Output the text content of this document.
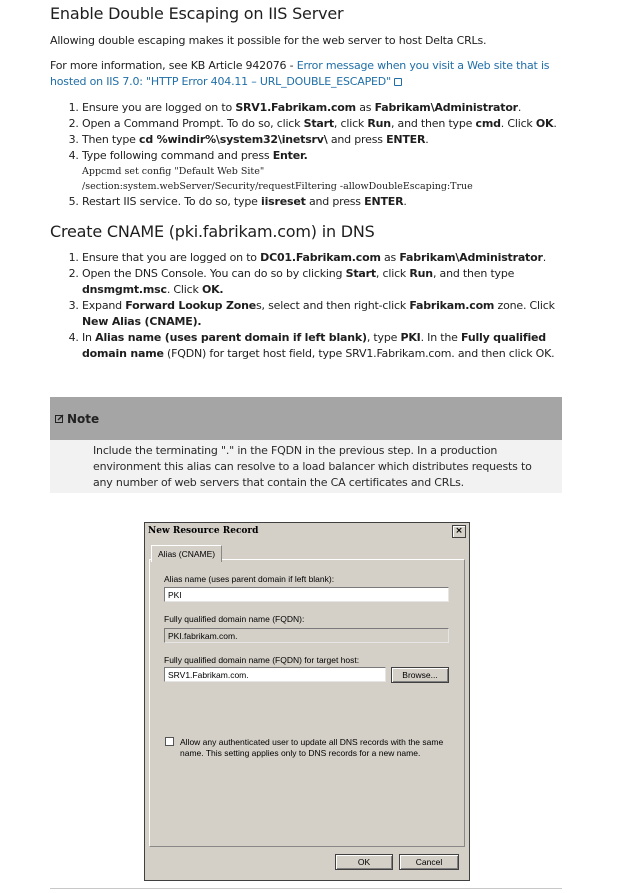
Enable Double Escaping on IIS Server

Allowing double escaping makes it possible for the web server to host Delta CRLs.

For more information, see KB Article 942076 - Error message when you visit a Web site that is hosted on IIS 7.0: "HTTP Error 404.11 – URL_DOUBLE_ESCAPED"

1. Ensure you are logged on to SRV1.Fabrikam.com as Fabrikam\Administrator.
2. Open a Command Prompt. To do so, click Start, click Run, and then type cmd. Click OK.
3. Then type cd %windir%\system32\inetsrv\ and press ENTER.
4. Type following command and press Enter.
Appcmd set config "Default Web Site"
/section:system.webServer/Security/requestFiltering -allowDoubleEscaping:True
5. Restart IIS service. To do so, type iisreset and press ENTER.
Create CNAME (pki.fabrikam.com) in DNS
1. Ensure that you are logged on to DC01.Fabrikam.com as Fabrikam\Administrator.
2. Open the DNS Console. You can do so by clicking Start, click Run, and then type dnsmgmt.msc. Click OK.
3. Expand Forward Lookup Zones, select and then right-click Fabrikam.com zone. Click New Alias (CNAME).
4. In Alias name (uses parent domain if left blank), type PKI. In the Fully qualified domain name (FQDN) for target host field, type SRV1.Fabrikam.com. and then click OK.
Note
Include the terminating "." in the FQDN in the previous step. In a production environment this alias can resolve to a load balancer which distributes requests to any number of web servers that contain the CA certificates and CRLs.
New Resource Record	×
Alias (CNAME)
Alias name (uses parent domain if left blank):
PKI
Fully qualified domain name (FQDN):
PKI.fabrikam.com.
Fully qualified domain name (FQDN) for target host:
SRV1.Fabrikam.com.	Browse...
Allow any authenticated user to update all DNS records with the same name. This setting applies only to DNS records for a new name.
OK	Cancel
